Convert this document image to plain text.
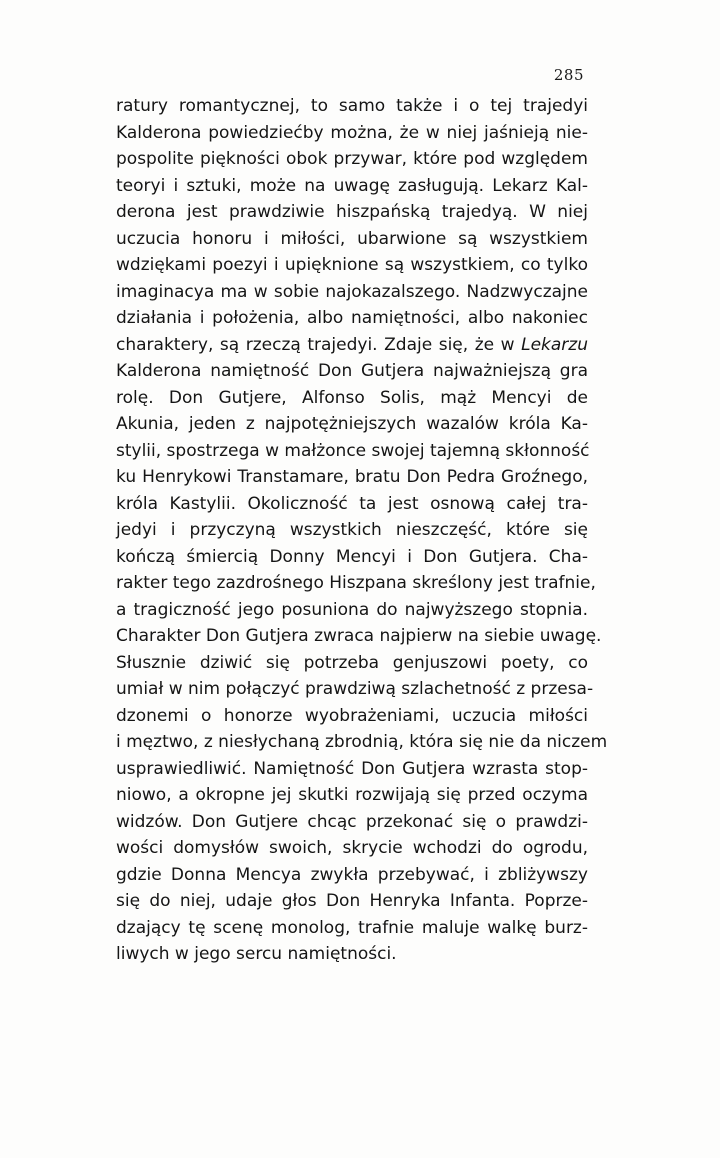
285
ratury romantycznej, to samo także i o tej trajedyi
Kalderona powiedziećby można, że w niej jaśnieją nie-
pospolite piękności obok przywar, które pod względem
teoryi i sztuki, może na uwagę zasługują. Lekarz Kal-
derona jest prawdziwie hiszpańską trajedyą. W niej
uczucia honoru i miłości, ubarwione są wszystkiem
wdziękami poezyi i upięknione są wszystkiem, co tylko
imaginacya ma w sobie najokazalszego. Nadzwyczajne
działania i położenia, albo namiętności, albo nakoniec
charaktery, są rzeczą trajedyi. Zdaje się, że w Lekarzu
Kalderona namiętność Don Gutjera najważniejszą gra
rolę. Don Gutjere, Alfonso Solis, mąż Mencyi de
Akunia, jeden z najpotężniejszych wazalów króla Ka-
stylii, spostrzega w małżonce swojej tajemną skłonność
ku Henrykowi Transtamare, bratu Don Pedra Groźnego,
króla Kastylii. Okoliczność ta jest osnową całej tra-
jedyi i przyczyną wszystkich nieszczęść, które się
kończą śmiercią Donny Mencyi i Don Gutjera. Cha-
rakter tego zazdrośnego Hiszpana skreślony jest trafnie,
a tragiczność jego posuniona do najwyższego stopnia.
Charakter Don Gutjera zwraca najpierw na siebie uwagę.
Słusznie dziwić się potrzeba genjuszowi poety, co
umiał w nim połączyć prawdziwą szlachetność z przesa-
dzonemi o honorze wyobrażeniami, uczucia miłości
i męztwo, z niesłychaną zbrodnią, która się nie da niczem
usprawiedliwić. Namiętność Don Gutjera wzrasta stop-
niowo, a okropne jej skutki rozwijają się przed oczyma
widzów. Don Gutjere chcąc przekonać się o prawdzi-
wości domysłów swoich, skrycie wchodzi do ogrodu,
gdzie Donna Mencya zwykła przebywać, i zbliżywszy
się do niej, udaje głos Don Henryka Infanta. Poprze-
dzający tę scenę monolog, trafnie maluje walkę burz-
liwych w jego sercu namiętności.
